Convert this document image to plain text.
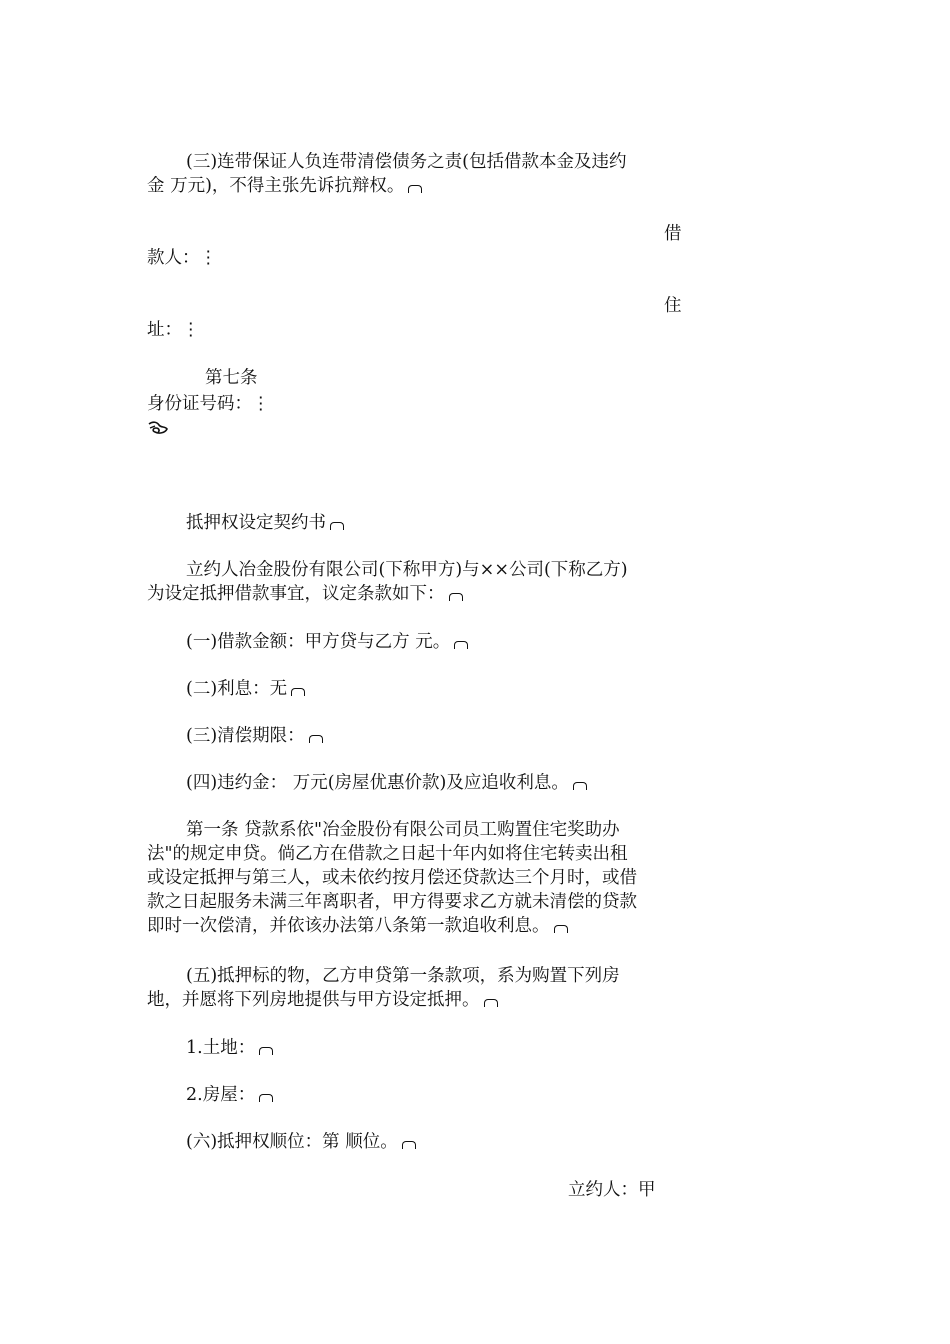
(三)连带保证人负连带清偿债务之责(包括借款本金及违约
金 万元)，不得主张先诉抗辩权。
借
款人：⋮
住
址：⋮
第七条
身份证号码：⋮
抵押权设定契约书
立约人冶金股份有限公司(下称甲方)与××公司(下称乙方)
为设定抵押借款事宜，议定条款如下：
(一)借款金额：甲方贷与乙方 元。
(二)利息：无
(三)清偿期限：
(四)违约金： 万元(房屋优惠价款)及应追收利息。
第一条 贷款系依"冶金股份有限公司员工购置住宅奖助办
法"的规定申贷。倘乙方在借款之日起十年内如将住宅转卖出租
或设定抵押与第三人，或未依约按月偿还贷款达三个月时，或借
款之日起服务未满三年离职者，甲方得要求乙方就未清偿的贷款
即时一次偿清，并依该办法第八条第一款追收利息。
(五)抵押标的物，乙方申贷第一条款项，系为购置下列房
地，并愿将下列房地提供与甲方设定抵押。
1.土地：
2.房屋：
(六)抵押权顺位：第 顺位。
立约人：甲
